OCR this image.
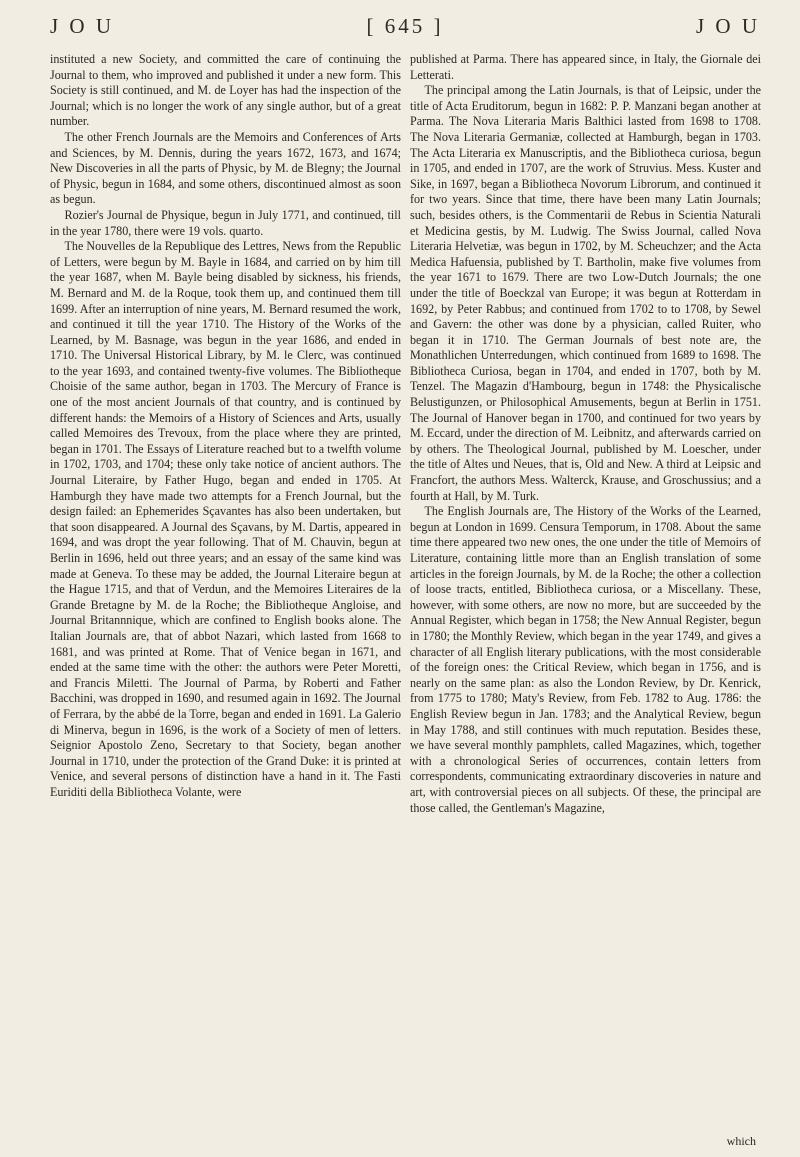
J O U	[ 645 ]	J O U

instituted a new Society, and committed the care of continuing the Journal to them, who improved and published it under a new form. This Society is still continued, and M. de Loyer has had the inspection of the Journal; which is no longer the work of any single author, but of a great number.

The other French Journals are the Memoirs and Conferences of Arts and Sciences, by M. Dennis, during the years 1672, 1673, and 1674; New Discoveries in all the parts of Physic, by M. de Blegny; the Journal of Physic, begun in 1684, and some others, discontinued almost as soon as begun.

Rozier's Journal de Physique, begun in July 1771, and continued, till in the year 1780, there were 19 vols. quarto.

The Nouvelles de la Republique des Lettres, News from the Republic of Letters, were begun by M. Bayle in 1684, and carried on by him till the year 1687, when M. Bayle being disabled by sickness, his friends, M. Bernard and M. de la Roque, took them up, and continued them till 1699. After an interruption of nine years, M. Bernard resumed the work, and continued it till the year 1710. The History of the Works of the Learned, by M. Basnage, was begun in the year 1686, and ended in 1710. The Universal Historical Library, by M. le Clerc, was continued to the year 1693, and contained twenty-five volumes. The Bibliotheque Choisie of the same author, began in 1703. The Mercury of France is one of the most ancient Journals of that country, and is continued by different hands: the Memoirs of a History of Sciences and Arts, usually called Memoires des Trevoux, from the place where they are printed, began in 1701. The Essays of Literature reached but to a twelfth volume in 1702, 1703, and 1704; these only take notice of ancient authors. The Journal Literaire, by Father Hugo, began and ended in 1705. At Hamburgh they have made two attempts for a French Journal, but the design failed: an Ephemerides Sçavantes has also been undertaken, but that soon disappeared. A Journal des Sçavans, by M. Dartis, appeared in 1694, and was dropt the year following. That of M. Chauvin, begun at Berlin in 1696, held out three years; and an essay of the same kind was made at Geneva. To these may be added, the Journal Literaire begun at the Hague 1715, and that of Verdun, and the Memoires Literaires de la Grande Bretagne by M. de la Roche; the Bibliotheque Angloise, and Journal Britannnique, which are confined to English books alone. The Italian Journals are, that of abbot Nazari, which lasted from 1668 to 1681, and was printed at Rome. That of Venice began in 1671, and ended at the same time with the other: the authors were Peter Moretti, and Francis Miletti. The Journal of Parma, by Roberti and Father Bacchini, was dropped in 1690, and resumed again in 1692. The Journal of Ferrara, by the abbé de la Torre, began and ended in 1691. La Galerio di Minerva, begun in 1696, is the work of a Society of men of letters. Seignior Apostolo Zeno, Secretary to that Society, began another Journal in 1710, under the protection of the Grand Duke: it is printed at Venice, and several persons of distinction have a hand in it. The Fasti Euriditi della Bibliotheca Volante, were

published at Parma. There has appeared since, in Italy, the Giornale dei Letterati.

The principal among the Latin Journals, is that of Leipsic, under the title of Acta Eruditorum, begun in 1682: P. P. Manzani began another at Parma. The Nova Literaria Maris Balthici lasted from 1698 to 1708. The Nova Literaria Germaniæ, collected at Hamburgh, began in 1703. The Acta Literaria ex Manuscriptis, and the Bibliotheca curiosa, begun in 1705, and ended in 1707, are the work of Struvius. Mess. Kuster and Sike, in 1697, began a Bibliotheca Novorum Librorum, and continued it for two years. Since that time, there have been many Latin Journals; such, besides others, is the Commentarii de Rebus in Scientia Naturali et Medicina gestis, by M. Ludwig. The Swiss Journal, called Nova Literaria Helvetiæ, was begun in 1702, by M. Scheuchzer; and the Acta Medica Hafuensia, published by T. Bartholin, make five volumes from the year 1671 to 1679. There are two Low-Dutch Journals; the one under the title of Boeckzal van Europe; it was begun at Rotterdam in 1692, by Peter Rabbus; and continued from 1702 to to 1708, by Sewel and Gavern: the other was done by a physician, called Ruiter, who began it in 1710. The German Journals of best note are, the Monathlichen Unterredungen, which continued from 1689 to 1698. The Bibliotheca Curiosa, began in 1704, and ended in 1707, both by M. Tenzel. The Magazin d'Hambourg, begun in 1748: the Physicalische Belustigunzen, or Philosophical Amusements, begun at Berlin in 1751. The Journal of Hanover began in 1700, and continued for two years by M. Eccard, under the direction of M. Leibnitz, and afterwards carried on by others. The Theological Journal, published by M. Loescher, under the title of Altes und Neues, that is, Old and New. A third at Leipsic and Francfort, the authors Mess. Walterck, Krause, and Groschussius; and a fourth at Hall, by M. Turk.

The English Journals are, The History of the Works of the Learned, begun at London in 1699. Censura Temporum, in 1708. About the same time there appeared two new ones, the one under the title of Memoirs of Literature, containing little more than an English translation of some articles in the foreign Journals, by M. de la Roche; the other a collection of loose tracts, entitled, Bibliotheca curiosa, or a Miscellany. These, however, with some others, are now no more, but are succeeded by the Annual Register, which began in 1758; the New Annual Register, begun in 1780; the Monthly Review, which began in the year 1749, and gives a character of all English literary publications, with the most considerable of the foreign ones: the Critical Review, which began in 1756, and is nearly on the same plan: as also the London Review, by Dr. Kenrick, from 1775 to 1780; Maty's Review, from Feb. 1782 to Aug. 1786: the English Review begun in Jan. 1783; and the Analytical Review, begun in May 1788, and still continues with much reputation. Besides these, we have several monthly pamphlets, called Magazines, which, together with a chronological Series of occurrences, contain letters from correspondents, communicating extraordinary discoveries in nature and art, with controversial pieces on all subjects. Of these, the principal are those called, the Gentleman's Magazine,

which
